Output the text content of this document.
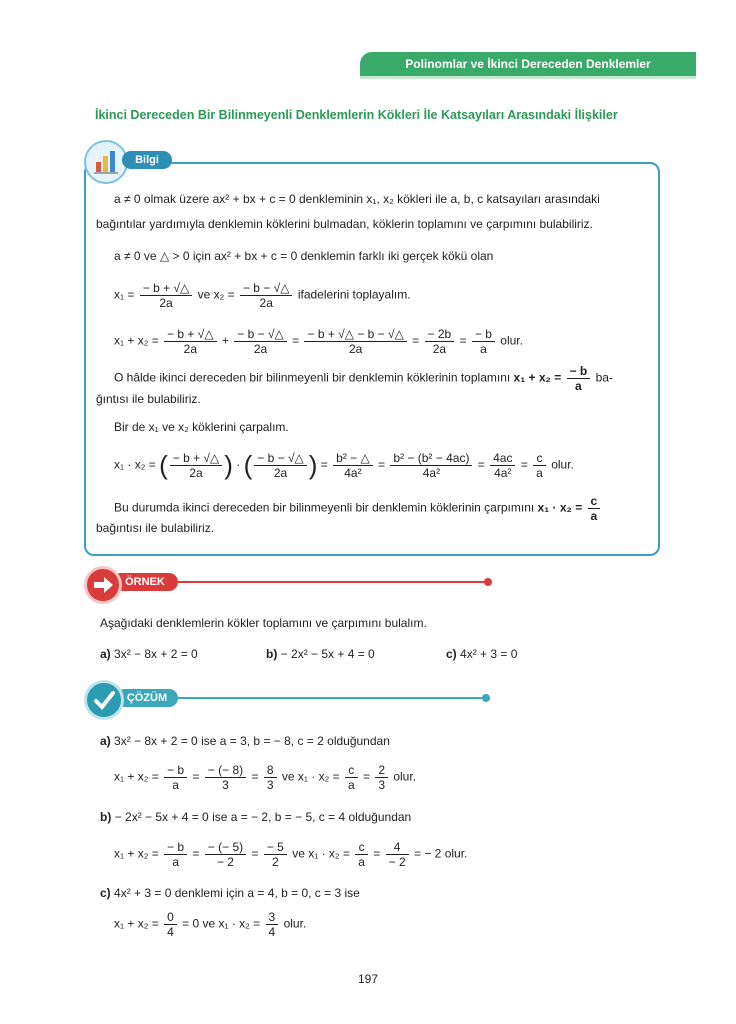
Polinomlar ve İkinci Dereceden Denklemler
İkinci Dereceden Bir Bilinmeyenli Denklemlerin Kökleri İle Katsayıları Arasındaki İlişkiler
Bilgi
a ≠ 0 olmak üzere ax² + bx + c = 0 denkleminin x₁, x₂ kökleri ile a, b, c katsayıları arasındaki
bağıntılar yardımıyla denklemin köklerini bulmadan, köklerin toplamını ve çarpımını bulabiliriz.
a ≠ 0 ve △ > 0 için ax² + bx + c = 0 denklemin farklı iki gerçek kökü olan
$x_1 = \frac{- b + √\triangle}{2a}$ ve $x_2 = \frac{- b - √\triangle}{2a}$ ifadelerini toplayalım.
$x_1 + x_2 = \frac{- b + √\triangle}{2a} + \frac{- b - √\triangle}{2a} = \frac{- b + √\triangle - b - √\triangle}{2a} = \frac{- 2b}{2a} = \frac{- b}{a}$ olur.
O hâlde ikinci dereceden bir bilinmeyenli bir denklemin köklerinin toplamını $x_1 + x_2 = \frac{- b}{a} ba-$
ğıntısı ile bulabiliriz.
Bir de x₁ ve x₂ köklerini çarpalım.
x₁ · x₂ = ( $\frac{- b + √\triangle}{2a}$ ) · ( $\frac{- b - √\triangle}{2a}$ ) = $\frac{\text{b² − △}}{\text{4a²}} = \frac{\text{b² − (b² − 4ac)}}{\text{4a²}} = \frac{4ac}{\text{4a²}} = \frac{c}{a}$ olur.
Bu durumda ikinci dereceden bir bilinmeyenli bir denklemin köklerinin çarpımını $x_1 \cdot x_2 = \frac{c}{a}$
bağıntısı ile bulabiliriz.
ÖRNEK
Aşağıdaki denklemlerin kökler toplamını ve çarpımını bulalım.
a) 3x² − 8x + 2 = 0	b) − 2x² − 5x + 4 = 0	c) 4x² + 3 = 0
ÇÖZÜM
a) 3x² − 8x + 2 = 0 ise a = 3, b = − 8, c = 2 olduğundan
$x_1 + x_2 = \frac{- b}{a} = \frac{- (- 8)}{3} = \frac{8}{3}$ ve $x_1 \cdot x_2 = \frac{c}{a} = \frac{2}{3}$ olur.
b) − 2x² − 5x + 4 = 0 ise a = − 2, b = − 5, c = 4 olduğundan
$x_1 + x_2 = \frac{- b}{a} = \frac{- (- 5)}{- 2} = \frac{- 5}{2}$ ve $x_1 \cdot x_2 = \frac{c}{a} = \frac{4}{- 2}$ = − 2 olur.
c) 4x² + 3 = 0 denklemi için a = 4, b = 0, c = 3 ise
$x_1 + x_2 = \frac{0}{4} = 0$ ve $x_1 \cdot x_2 = \frac{3}{4}$ olur.
197
